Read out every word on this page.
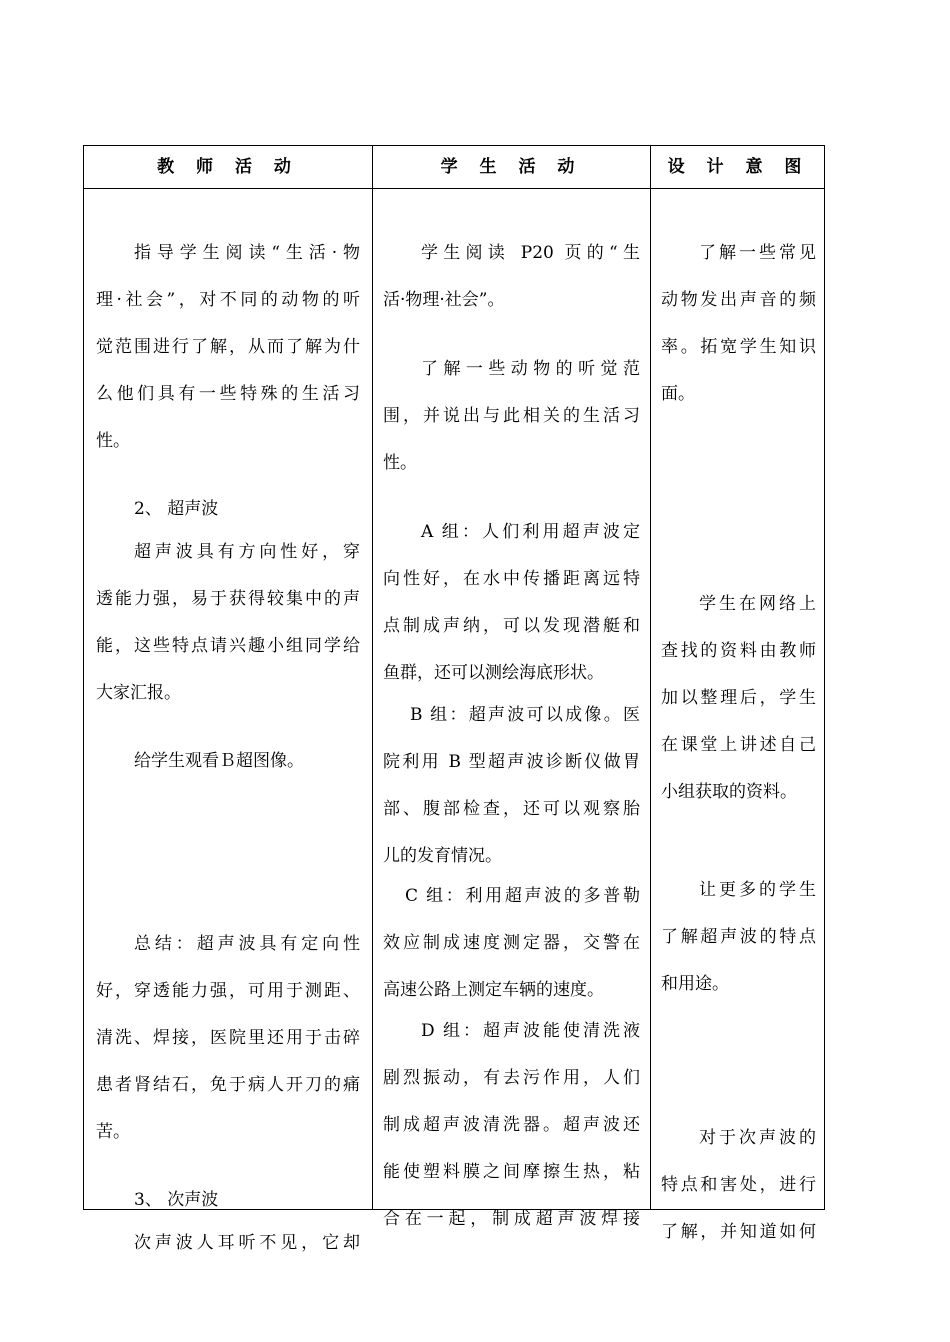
教 师 活 动	学 生 活 动	设 计 意 图
指导学生阅读“生活·物
理·社会”，对不同的动物的听
觉范围进行了解，从而了解为什
么他们具有一些特殊的生活习
性。
2、 超声波
超声波具有方向性好，穿
透能力强，易于获得较集中的声
能，这些特点请兴趣小组同学给
大家汇报。
给学生观看Ｂ超图像。
总结：超声波具有定向性
好，穿透能力强，可用于测距、
清洗、焊接，医院里还用于击碎
患者肾结石，免于病人开刀的痛
苦。
3、 次声波
次声波人耳听不见，它却
学生阅读 P20 页的“生
活·物理·社会”。
了解一些动物的听觉范
围，并说出与此相关的生活习
性。
A 组：人们利用超声波定
向性好，在水中传播距离远特
点制成声纳，可以发现潜艇和
鱼群，还可以测绘海底形状。
B 组：超声波可以成像。医
院利用 B 型超声波诊断仪做胃
部、腹部检查，还可以观察胎
儿的发育情况。
C 组：利用超声波的多普勒
效应制成速度测定器，交警在
高速公路上测定车辆的速度。
D 组：超声波能使清洗液
剧烈振动，有去污作用，人们
制成超声波清洗器。超声波还
能使塑料膜之间摩擦生热，粘
合在一起，制成超声波焊接
了解一些常见
动物发出声音的频
率。拓宽学生知识
面。
学生在网络上
查找的资料由教师
加以整理后，学生
在课堂上讲述自己
小组获取的资料。
让更多的学生
了解超声波的特点
和用途。
对于次声波的
特点和害处，进行
了解，并知道如何
